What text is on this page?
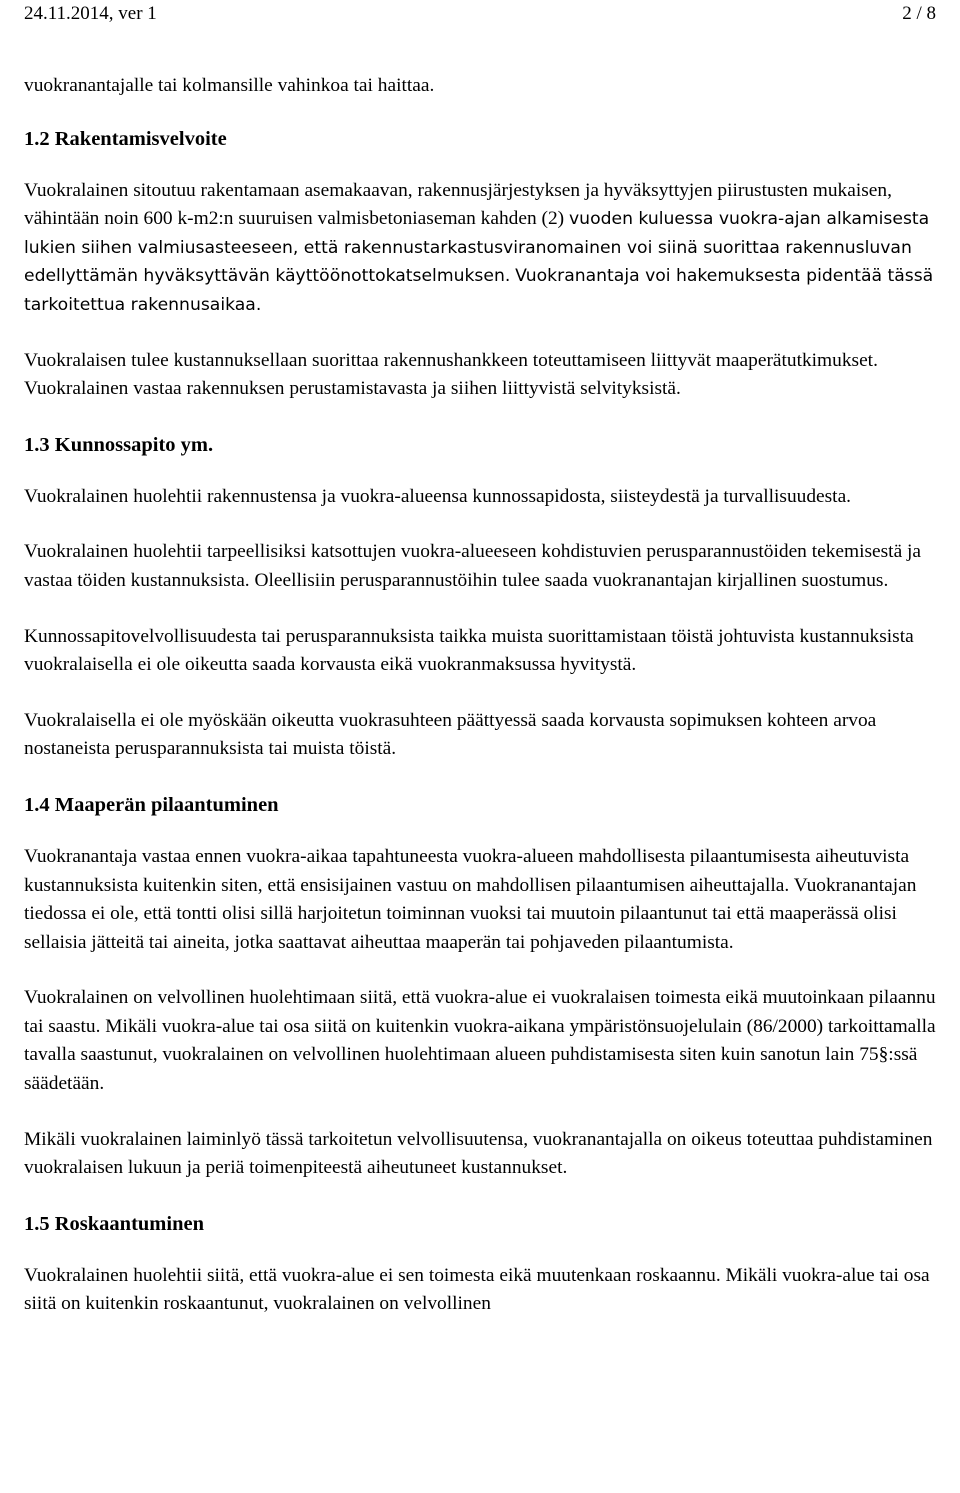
24.11.2014, ver 1	2 / 8

vuokranantajalle tai kolmansille vahinkoa tai haittaa.

1.2 Rakentamisvelvoite

Vuokralainen sitoutuu rakentamaan asemakaavan, rakennusjärjestyksen ja hyväksyttyjen piirustusten mukaisen, vähintään noin 600 k-m2:n suuruisen valmisbetoniaseman kahden (2) vuoden kuluessa vuokra-ajan alkamisesta lukien siihen valmiusasteeseen, että rakennustarkastusviranomainen voi siinä suorittaa rakennusluvan edellyttämän hyväksyttävän käyttöönottokatselmuksen. Vuokranantaja voi hakemuksesta pidentää tässä tarkoitettua rakennusaikaa.

Vuokralaisen tulee kustannuksellaan suorittaa rakennushankkeen toteuttamiseen liittyvät maaperätutkimukset. Vuokralainen vastaa rakennuksen perustamistavasta ja siihen liittyvistä selvityksistä.

1.3 Kunnossapito ym.

Vuokralainen huolehtii rakennustensa ja vuokra-alueensa kunnossapidosta, siisteydestä ja turvallisuudesta.

Vuokralainen huolehtii tarpeellisiksi katsottujen vuokra-alueeseen kohdistuvien perusparannustöiden tekemisestä ja vastaa töiden kustannuksista. Oleellisiin perusparannustöihin tulee saada vuokranantajan kirjallinen suostumus.

Kunnossapitovelvollisuudesta tai perusparannuksista taikka muista suorittamistaan töistä johtuvista kustannuksista vuokralaisella ei ole oikeutta saada korvausta eikä vuokranmaksussa hyvitystä.

Vuokralaisella ei ole myöskään oikeutta vuokrasuhteen päättyessä saada korvausta sopimuksen kohteen arvoa nostaneista perusparannuksista tai muista töistä.

1.4 Maaperän pilaantuminen

Vuokranantaja vastaa ennen vuokra-aikaa tapahtuneesta vuokra-alueen mahdollisesta pilaantumisesta aiheutuvista kustannuksista kuitenkin siten, että ensisijainen vastuu on mahdollisen pilaantumisen aiheuttajalla. Vuokranantajan tiedossa ei ole, että tontti olisi sillä harjoitetun toiminnan vuoksi tai muutoin pilaantunut tai että maaperässä olisi sellaisia jätteitä tai aineita, jotka saattavat aiheuttaa maaperän tai pohjaveden pilaantumista.

Vuokralainen on velvollinen huolehtimaan siitä, että vuokra-alue ei vuokralaisen toimesta eikä muutoinkaan pilaannu tai saastu. Mikäli vuokra-alue tai osa siitä on kuitenkin vuokra-aikana ympäristönsuojelulain (86/2000) tarkoittamalla tavalla saastunut, vuokralainen on velvollinen huolehtimaan alueen puhdistamisesta siten kuin sanotun lain 75§:ssä säädetään.

Mikäli vuokralainen laiminlyö tässä tarkoitetun velvollisuutensa, vuokranantajalla on oikeus toteuttaa puhdistaminen vuokralaisen lukuun ja periä toimenpiteestä aiheutuneet kustannukset.

1.5 Roskaantuminen

Vuokralainen huolehtii siitä, että vuokra-alue ei sen toimesta eikä muutenkaan roskaannu. Mikäli vuokra-alue tai osa siitä on kuitenkin roskaantunut, vuokralainen on velvollinen
